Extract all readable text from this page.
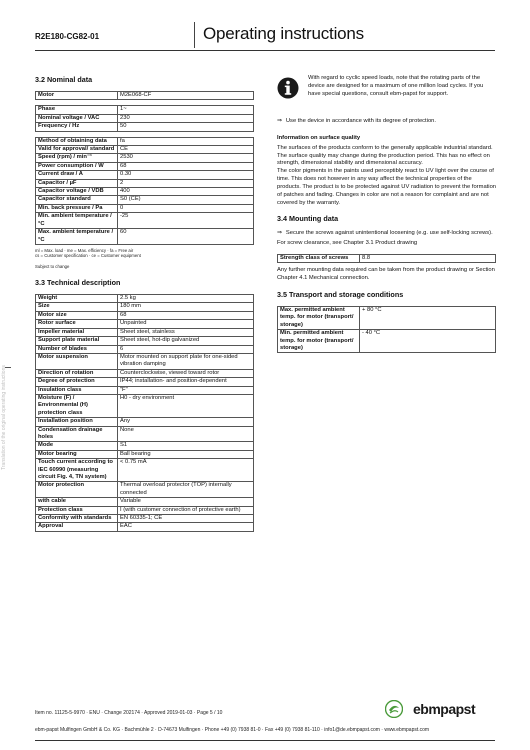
R2E180-CG82-01	Operating instructions
Translation of the original operating instructions
3.2 Nominal data
Motor	M2E068-CF
Phase	1~
Nominal voltage / VAC	230
Frequency / Hz	50
Method of obtaining data	fa
Valid for approval/ standard	CE
Speed (rpm) / min⁻¹	2530
Power consumption / W	68
Current draw / A	0.30
Capacitor / µF	2
Capacitor voltage / VDB	400
Capacitor standard	S0 (CE)
Min. back pressure / Pa	0
Min. ambient temperature / °C	-25
Max. ambient temperature / °C	60
ml = Max. load · me = Max. efficiency · fa = Free air
cs = Customer specification · ce = Customer equipment
Subject to change
3.3 Technical description
Weight	2.5 kg
Size	180 mm
Motor size	68
Rotor surface	Unpainted
Impeller material	Sheet steel, stainless
Support plate material	Sheet steel, hot-dip galvanized
Number of blades	6
Motor suspension	Motor mounted on support plate for one-sided vibration damping
Direction of rotation	Counterclockwise, viewed toward rotor
Degree of protection	IP44; installation- and position-dependent
Insulation class	"F"
Moisture (F) / Environmental (H) protection class	H0 - dry environment
Installation position	Any
Condensation drainage holes	None
Mode	S1
Motor bearing	Ball bearing
Touch current according to IEC 60990 (measuring circuit Fig. 4, TN system)	< 0.75 mA
Motor protection	Thermal overload protector (TOP) internally connected
with cable	Variable
Protection class	I (with customer connection of protective earth)
Conformity with standards	EN 60335-1; CE
Approval	EAC
With regard to cyclic speed loads, note that the rotating parts of the device are designed for a maximum of one million load cycles. If you have special questions, consult ebm-papst for support.
⇒ Use the device in accordance with its degree of protection.
Information on surface quality

The surfaces of the products conform to the generally applicable industrial standard. The surface quality may change during the production period. This has no effect on strength, dimensional stability and dimensional accuracy.

The color pigments in the paints used perceptibly react to UV light over the course of time. This does not however in any way affect the technical properties of the products. The product is to be protected against UV radiation to prevent the formation of patches and fading. Changes in color are not a reason for complaint and are not covered by the warranty.

3.4 Mounting data
⇒ Secure the screws against unintentional loosening (e.g. use self-locking screws).

For screw clearance, see Chapter 3.1 Product drawing

Strength class of screws	8.8

Any further mounting data required can be taken from the product drawing or Section Chapter 4.1 Mechanical connection.

3.5 Transport and storage conditions
Max. permitted ambient temp. for motor (transport/ storage)	+ 80 °C
Min. permitted ambient temp. for motor (transport/ storage)	- 40 °C
Item no. 11125-5-9970 · ENU · Change 202174 · Approved 2019-01-03 · Page 5 / 10	ebmpapst
ebm-papst Mulfingen GmbH & Co. KG · Bachmühle 2 · D-74673 Mulfingen · Phone +49 (0) 7938 81-0 · Fax +49 (0) 7938 81-110 · info1@de.ebmpapst.com · www.ebmpapst.com
